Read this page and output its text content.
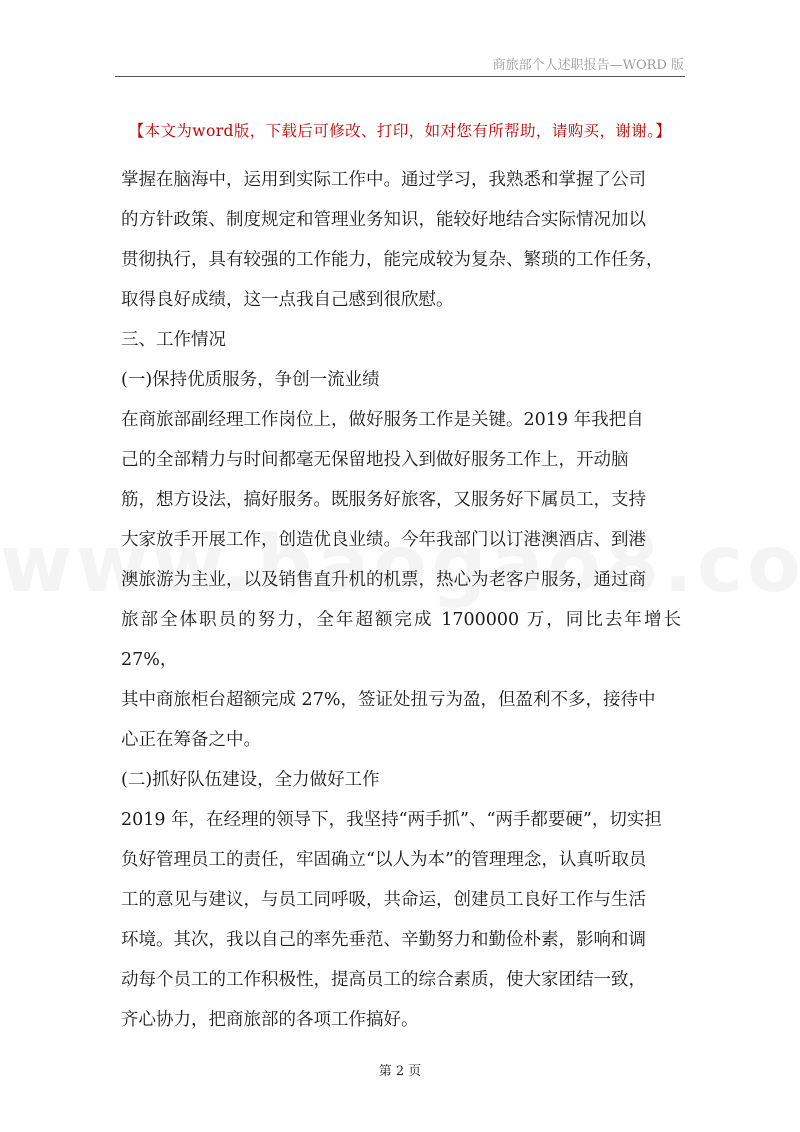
商旅部个人述职报告—WORD 版
【本文为word版，下载后可修改、打印，如对您有所帮助，请购买，谢谢。】

掌握在脑海中，运用到实际工作中。通过学习，我熟悉和掌握了公司

的方针政策、制度规定和管理业务知识，能较好地结合实际情况加以

贯彻执行，具有较强的工作能力，能完成较为复杂、繁琐的工作任务，

取得良好成绩，这一点我自己感到很欣慰。

三、工作情况

(一)保持优质服务，争创一流业绩

在商旅部副经理工作岗位上，做好服务工作是关键。2019 年我把自

己的全部精力与时间都毫无保留地投入到做好服务工作上，开动脑

筋，想方设法，搞好服务。既服务好旅客，又服务好下属员工，支持

大家放手开展工作，创造优良业绩。今年我部门以订港澳酒店、到港

澳旅游为主业，以及销售直升机的机票，热心为老客户服务，通过商

旅部全体职员的努力，全年超额完成 1700000 万，同比去年增长 27%，

其中商旅柜台超额完成 27%，签证处扭亏为盈，但盈利不多，接待中

心正在筹备之中。

(二)抓好队伍建设，全力做好工作

2019 年，在经理的领导下，我坚持“两手抓”、“两手都要硬”，切实担

负好管理员工的责任，牢固确立“以人为本”的管理理念，认真听取员

工的意见与建议，与员工同呼吸，共命运，创建员工良好工作与生活

环境。其次，我以自己的率先垂范、辛勤努力和勤俭朴素，影响和调

动每个员工的工作积极性，提高员工的综合素质，使大家团结一致，

齐心协力，把商旅部的各项工作搞好。

第 2 页
